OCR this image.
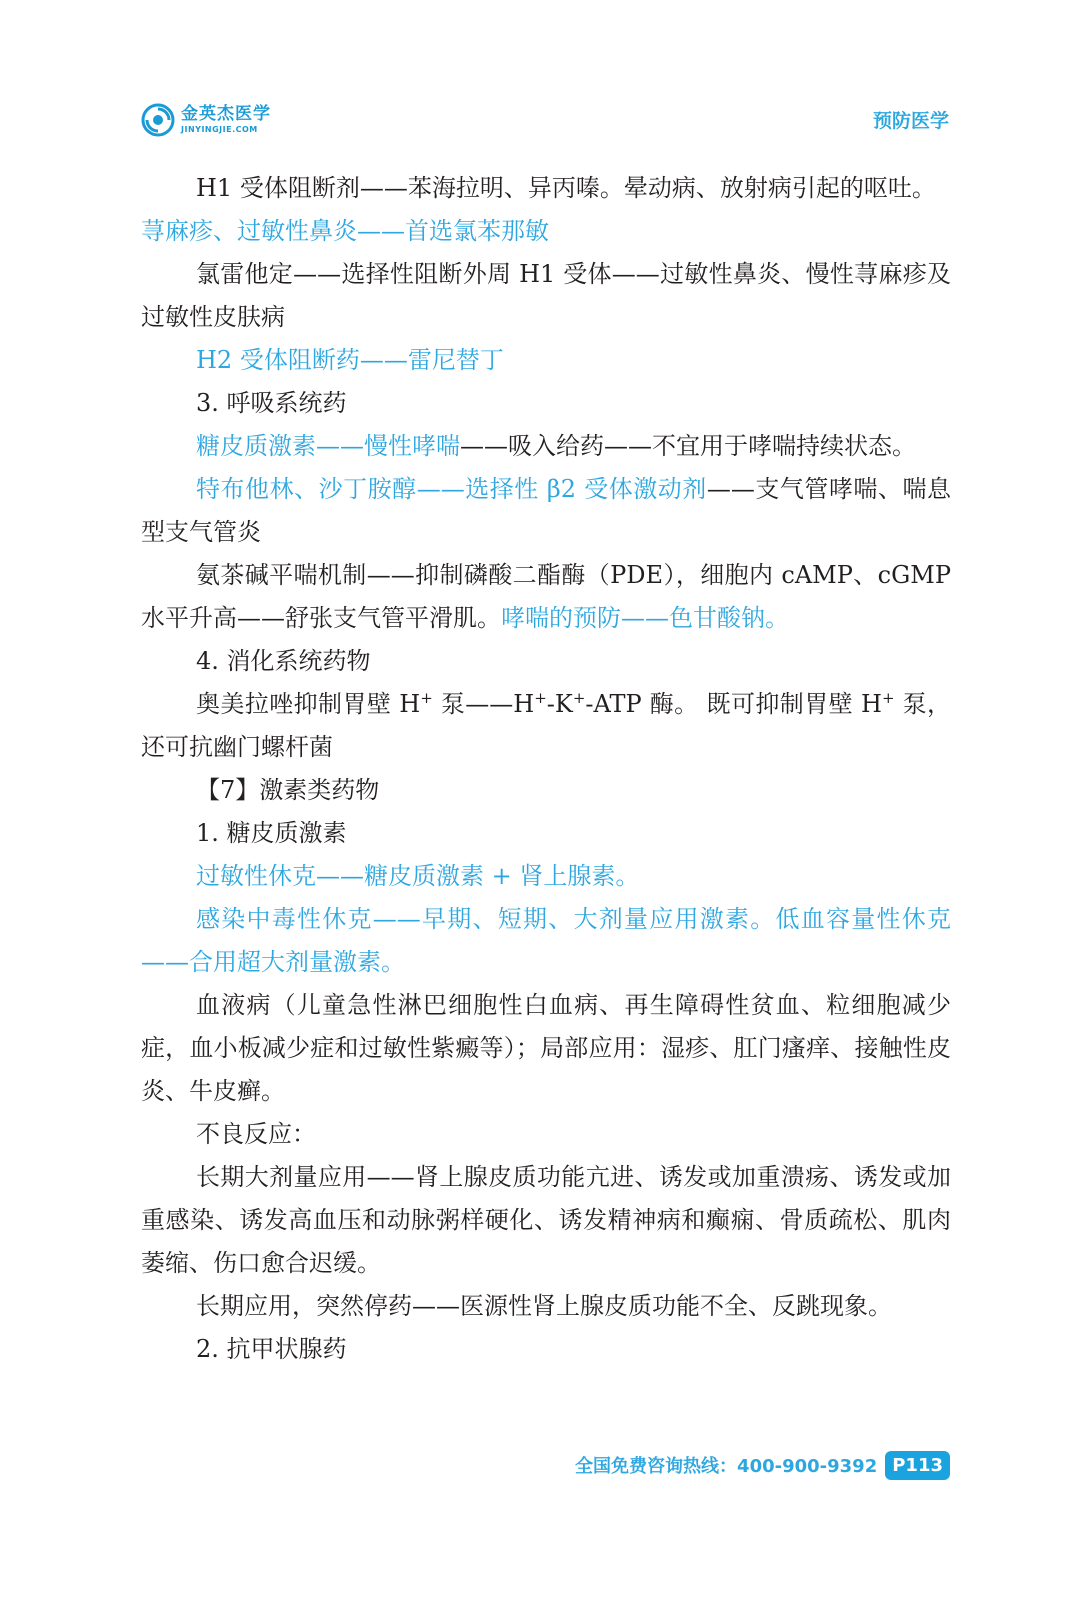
金英杰医学
JINYINGJIE.COM	预防医学

H1 受体阻断剂——苯海拉明、异丙嗪。晕动病、放射病引起的呕吐。

荨麻疹、过敏性鼻炎——首选氯苯那敏

氯雷他定——选择性阻断外周 H1 受体——过敏性鼻炎、慢性荨麻疹及过敏性皮肤病

H2 受体阻断药——雷尼替丁

3. 呼吸系统药

糖皮质激素——慢性哮喘——吸入给药——不宜用于哮喘持续状态。

特布他林、沙丁胺醇——选择性 β2 受体激动剂——支气管哮喘、喘息型支气管炎

氨茶碱平喘机制——抑制磷酸二酯酶（PDE），细胞内 cAMP、cGMP 水平升高——舒张支气管平滑肌。哮喘的预防——色甘酸钠。

4. 消化系统药物

奥美拉唑抑制胃壁 H+ 泵——H+-K+-ATP 酶。 既可抑制胃壁 H+ 泵，还可抗幽门螺杆菌

【7】激素类药物

1. 糖皮质激素

过敏性休克——糖皮质激素 + 肾上腺素。

感染中毒性休克——早期、短期、大剂量应用激素。低血容量性休克——合用超大剂量激素。

血液病（儿童急性淋巴细胞性白血病、再生障碍性贫血、粒细胞减少症，血小板减少症和过敏性紫癜等）；局部应用：湿疹、肛门瘙痒、接触性皮炎、牛皮癣。

不良反应：

长期大剂量应用——肾上腺皮质功能亢进、诱发或加重溃疡、诱发或加重感染、诱发高血压和动脉粥样硬化、诱发精神病和癫痫、骨质疏松、肌肉萎缩、伤口愈合迟缓。

长期应用，突然停药——医源性肾上腺皮质功能不全、反跳现象。

2. 抗甲状腺药

全国免费咨询热线：400-900-9392 P113
